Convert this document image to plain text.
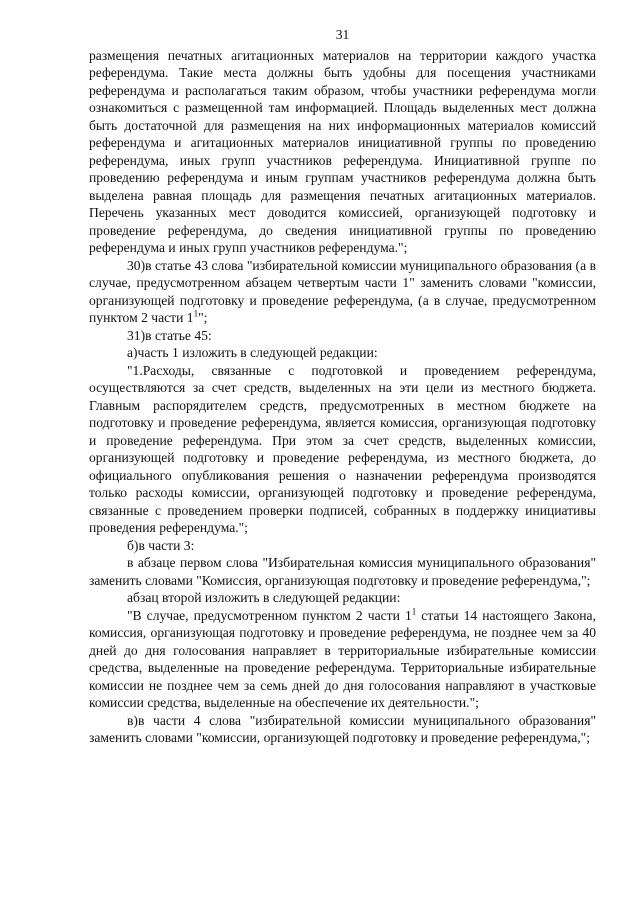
31

размещения печатных агитационных материалов на территории каждого участка референдума. Такие места должны быть удобны для посещения участниками референдума и располагаться таким образом, чтобы участники референдума могли ознакомиться с размещенной там информацией. Площадь выделенных мест должна быть достаточной для размещения на них информационных материалов комиссий референдума и агитационных материалов инициативной группы по проведению референдума, иных групп участников референдума. Инициативной группе по проведению референдума и иным группам участников референдума должна быть выделена равная площадь для размещения печатных агитационных материалов. Перечень указанных мест доводится комиссией, организующей подготовку и проведение референдума, до сведения инициативной группы по проведению референдума и иных групп участников референдума.";

30)в статье 43 слова "избирательной комиссии муниципального образования (а в случае, предусмотренном абзацем четвертым части 1" заменить словами "комиссии, организующей подготовку и проведение референдума, (а в случае, предусмотренном пунктом 2 части $1^1$";

31)в статье 45:

а)часть 1 изложить в следующей редакции:

"1.Расходы, связанные с подготовкой и проведением референдума, осуществляются за счет средств, выделенных на эти цели из местного бюджета. Главным распорядителем средств, предусмотренных в местном бюджете на подготовку и проведение референдума, является комиссия, организующая подготовку и проведение референдума. При этом за счет средств, выделенных комиссии, организующей подготовку и проведение референдума, из местного бюджета, до официального опубликования решения о назначении референдума производятся только расходы комиссии, организующей подготовку и проведение референдума, связанные с проведением проверки подписей, собранных в поддержку инициативы проведения референдума.";

б)в части 3:

в абзаце первом слова "Избирательная комиссия муниципального образования" заменить словами "Комиссия, организующая подготовку и проведение референдума,";

абзац второй изложить в следующей редакции:

"В случае, предусмотренном пунктом 2 части $1^1$ статьи 14 настоящего Закона, комиссия, организующая подготовку и проведение референдума, не позднее чем за 40 дней до дня голосования направляет в территориальные избирательные комиссии средства, выделенные на проведение референдума. Территориальные избирательные комиссии не позднее чем за семь дней до дня голосования направляют в участковые комиссии средства, выделенные на обеспечение их деятельности.";

в)в части 4 слова "избирательной комиссии муниципального образования" заменить словами "комиссии, организующей подготовку и проведение референдума,";
